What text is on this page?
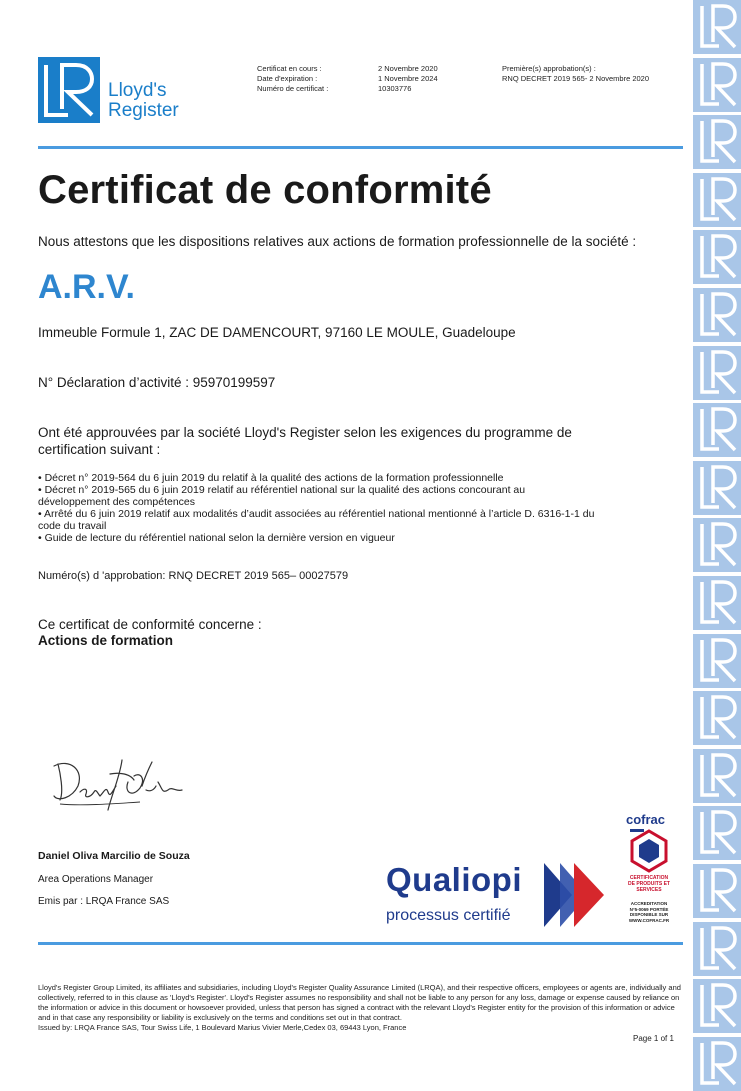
Lloyd's
Register
Certificat en cours :
Date d'expiration :
Numéro de certificat :
2 Novembre 2020
1 Novembre 2024
10303776
Première(s) approbation(s) :
RNQ DECRET 2019 565- 2 Novembre 2020
Certificat de conformité
Nous attestons que les dispositions relatives aux actions de formation professionnelle de la société :
A.R.V.
Immeuble Formule 1, ZAC DE DAMENCOURT, 97160 LE MOULE, Guadeloupe
N° Déclaration d’activité : 95970199597
Ont été approuvées par la société Lloyd's Register selon les exigences du programme de certification suivant :
• Décret n° 2019-564 du 6 juin 2019 du relatif à la qualité des actions de la formation professionnelle
• Décret n° 2019-565 du 6 juin 2019 relatif au référentiel national sur la qualité des actions concourant au développement des compétences
• Arrêté du 6 juin 2019 relatif aux modalités d’audit associées au référentiel national mentionné à l’article D. 6316-1-1 du code du travail
• Guide de lecture du référentiel national selon la dernière version en vigueur
Numéro(s) d 'approbation: RNQ DECRET 2019 565– 00027579
Ce certificat de conformité concerne :
Actions de formation
Daniel Oliva Marcilio de Souza
Area Operations Manager
Emis par : LRQA France SAS
Qualiopi
processus certifié
cofrac
CERTIFICATION DE PRODUITS ET SERVICES
ACCREDITATION N°5-0069 PORTÉE DISPONIBLE SUR WWW.COFRAC.FR
Lloyd's Register Group Limited, its affiliates and subsidiaries, including Lloyd's Register Quality Assurance Limited (LRQA), and their respective officers, employees or agents are, individually and collectively, referred to in this clause as 'Lloyd's Register'. Lloyd's Register assumes no responsibility and shall not be liable to any person for any loss, damage or expense caused by reliance on the information or advice in this document or howsoever provided, unless that person has signed a contract with the relevant Lloyd's Register entity for the provision of this information or advice and in that case any responsibility or liability is exclusively on the terms and conditions set out in that contract.
Issued by: LRQA France SAS, Tour Swiss Life, 1 Boulevard Marius Vivier Merle,Cedex 03, 69443 Lyon, France
Page 1 of 1
